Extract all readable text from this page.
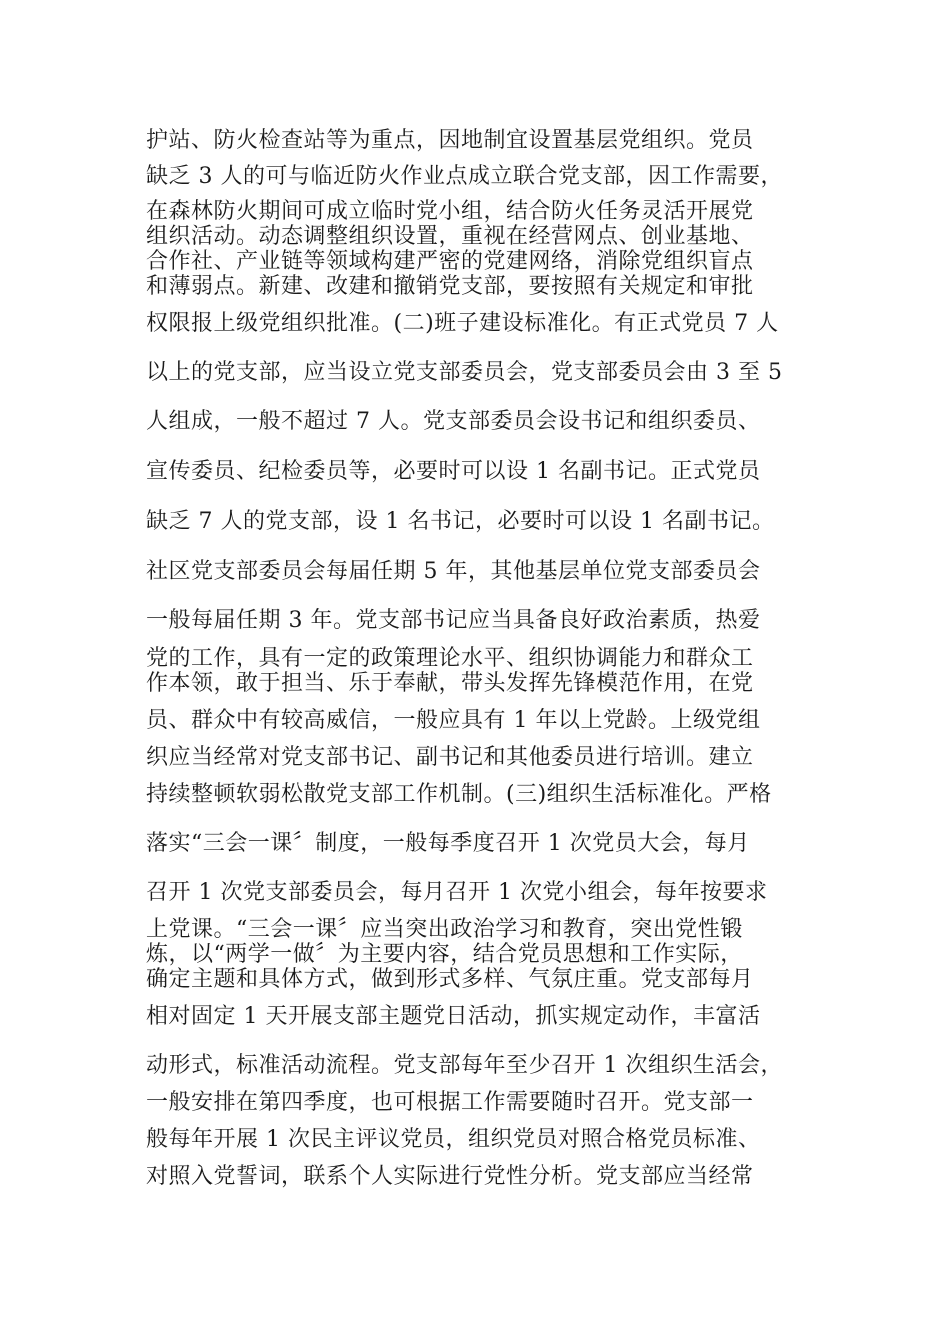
护站、防火检查站等为重点，因地制宜设置基层党组织。党员
缺乏 3 人的可与临近防火作业点成立联合党支部，因工作需要，
在森林防火期间可成立临时党小组，结合防火任务灵活开展党
组织活动。动态调整组织设置，重视在经营网点、创业基地、
合作社、产业链等领域构建严密的党建网络，消除党组织盲点
和薄弱点。新建、改建和撤销党支部，要按照有关规定和审批
权限报上级党组织批准。(二)班子建设标准化。有正式党员 7 人
以上的党支部，应当设立党支部委员会，党支部委员会由 3 至 5
人组成，一般不超过 7 人。党支部委员会设书记和组织委员、
宣传委员、纪检委员等，必要时可以设 1 名副书记。正式党员
缺乏 7 人的党支部，设 1 名书记，必要时可以设 1 名副书记。
社区党支部委员会每届任期 5 年，其他基层单位党支部委员会
一般每届任期 3 年。党支部书记应当具备良好政治素质，热爱
党的工作，具有一定的政策理论水平、组织协调能力和群众工
作本领，敢于担当、乐于奉献，带头发挥先锋模范作用，在党
员、群众中有较高威信，一般应具有 1 年以上党龄。上级党组
织应当经常对党支部书记、副书记和其他委员进行培训。建立
持续整顿软弱松散党支部工作机制。(三)组织生活标准化。严格
落实“三会一课〞制度，一般每季度召开 1 次党员大会，每月
召开 1 次党支部委员会，每月召开 1 次党小组会，每年按要求
上党课。“三会一课〞应当突出政治学习和教育，突出党性锻
炼，以“两学一做〞为主要内容，结合党员思想和工作实际，
确定主题和具体方式，做到形式多样、气氛庄重。党支部每月
相对固定 1 天开展支部主题党日活动，抓实规定动作，丰富活
动形式，标准活动流程。党支部每年至少召开 1 次组织生活会，
一般安排在第四季度，也可根据工作需要随时召开。党支部一
般每年开展 1 次民主评议党员，组织党员对照合格党员标准、
对照入党誓词，联系个人实际进行党性分析。党支部应当经常
